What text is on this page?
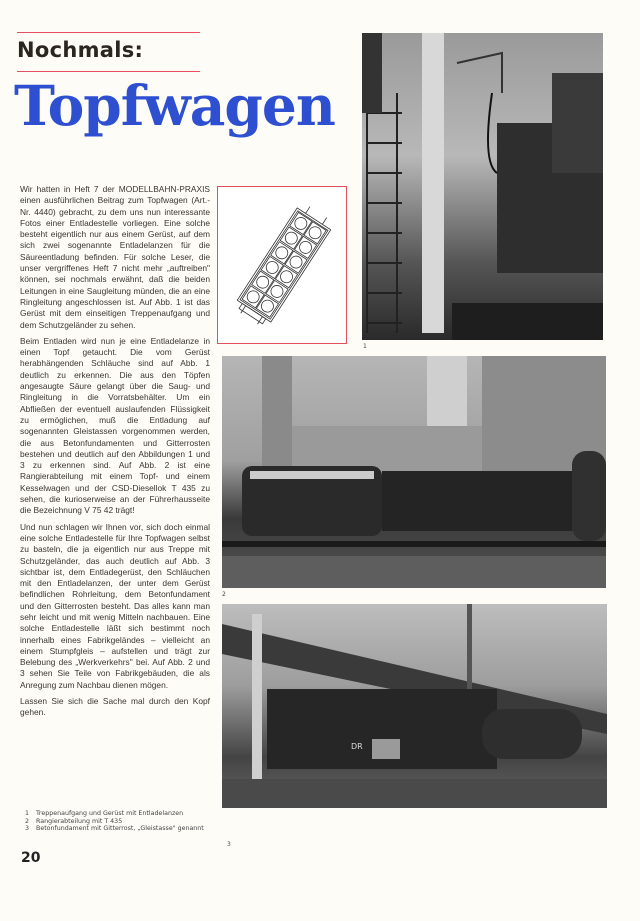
Nochmals:
Topfwagen

Wir hatten in Heft 7 der MODELLBAHN-PRAXIS einen ausführlichen Beitrag zum Topfwagen (Art.-Nr. 4440) gebracht, zu dem uns nun interessante Fotos einer Entladestelle vorliegen. Eine solche besteht eigentlich nur aus einem Gerüst, auf dem sich zwei sogenannte Entladelanzen für die Säureentladung befinden. Für solche Leser, die unser vergriffenes Heft 7 nicht mehr „auftreiben" können, sei nochmals erwähnt, daß die beiden Leitungen in eine Saugleitung münden, die an eine Ringleitung angeschlossen ist. Auf Abb. 1 ist das Gerüst mit dem einseitigen Treppenaufgang und dem Schutzgeländer zu sehen.

Beim Entladen wird nun je eine Entladelanze in einen Topf getaucht. Die vom Gerüst herabhängenden Schläuche sind auf Abb. 1 deutlich zu erkennen. Die aus den Töpfen angesaugte Säure gelangt über die Saug- und Ringleitung in die Vorratsbehälter. Um ein Abfließen der eventuell auslaufenden Flüssigkeit zu ermöglichen, muß die Entladung auf sogenannten Gleistassen vorgenommen werden, die aus Betonfundamenten und Gitterrosten bestehen und deutlich auf den Abbildungen 1 und 3 zu erkennen sind. Auf Abb. 2 ist eine Rangierabteilung mit einem Topf- und einem Kesselwagen und der CSD-Diesellok T 435 zu sehen, die kurioserweise an der Führerhausseite die Bezeichnung V 75 42 trägt!

Und nun schlagen wir Ihnen vor, sich doch einmal eine solche Entladestelle für Ihre Topfwagen selbst zu basteln, die ja eigentlich nur aus Treppe mit Schutzgeländer, das auch deutlich auf Abb. 3 sichtbar ist, dem Entladegerüst, den Schläuchen mit den Entladelanzen, der unter dem Gerüst befindlichen Rohrleitung, dem Betonfundament und den Gitterrosten besteht. Das alles kann man sehr leicht und mit wenig Mitteln nachbauen. Eine solche Entladestelle läßt sich bestimmt noch innerhalb eines Fabrikgeländes – vielleicht an einem Stumpfgleis – aufstellen und trägt zur Belebung des „Werkverkehrs" bei. Auf Abb. 2 und 3 sehen Sie Teile von Fabrikgebäuden, die als Anregung zum Nachbau dienen mögen.

Lassen Sie sich die Sache mal durch den Kopf gehen.

1
2
DR
3
1	Treppenaufgang und Gerüst mit Entladelanzen
2	Rangierabteilung mit T 435
3	Betonfundament mit Gitterrost, „Gleistasse" genannt
20
